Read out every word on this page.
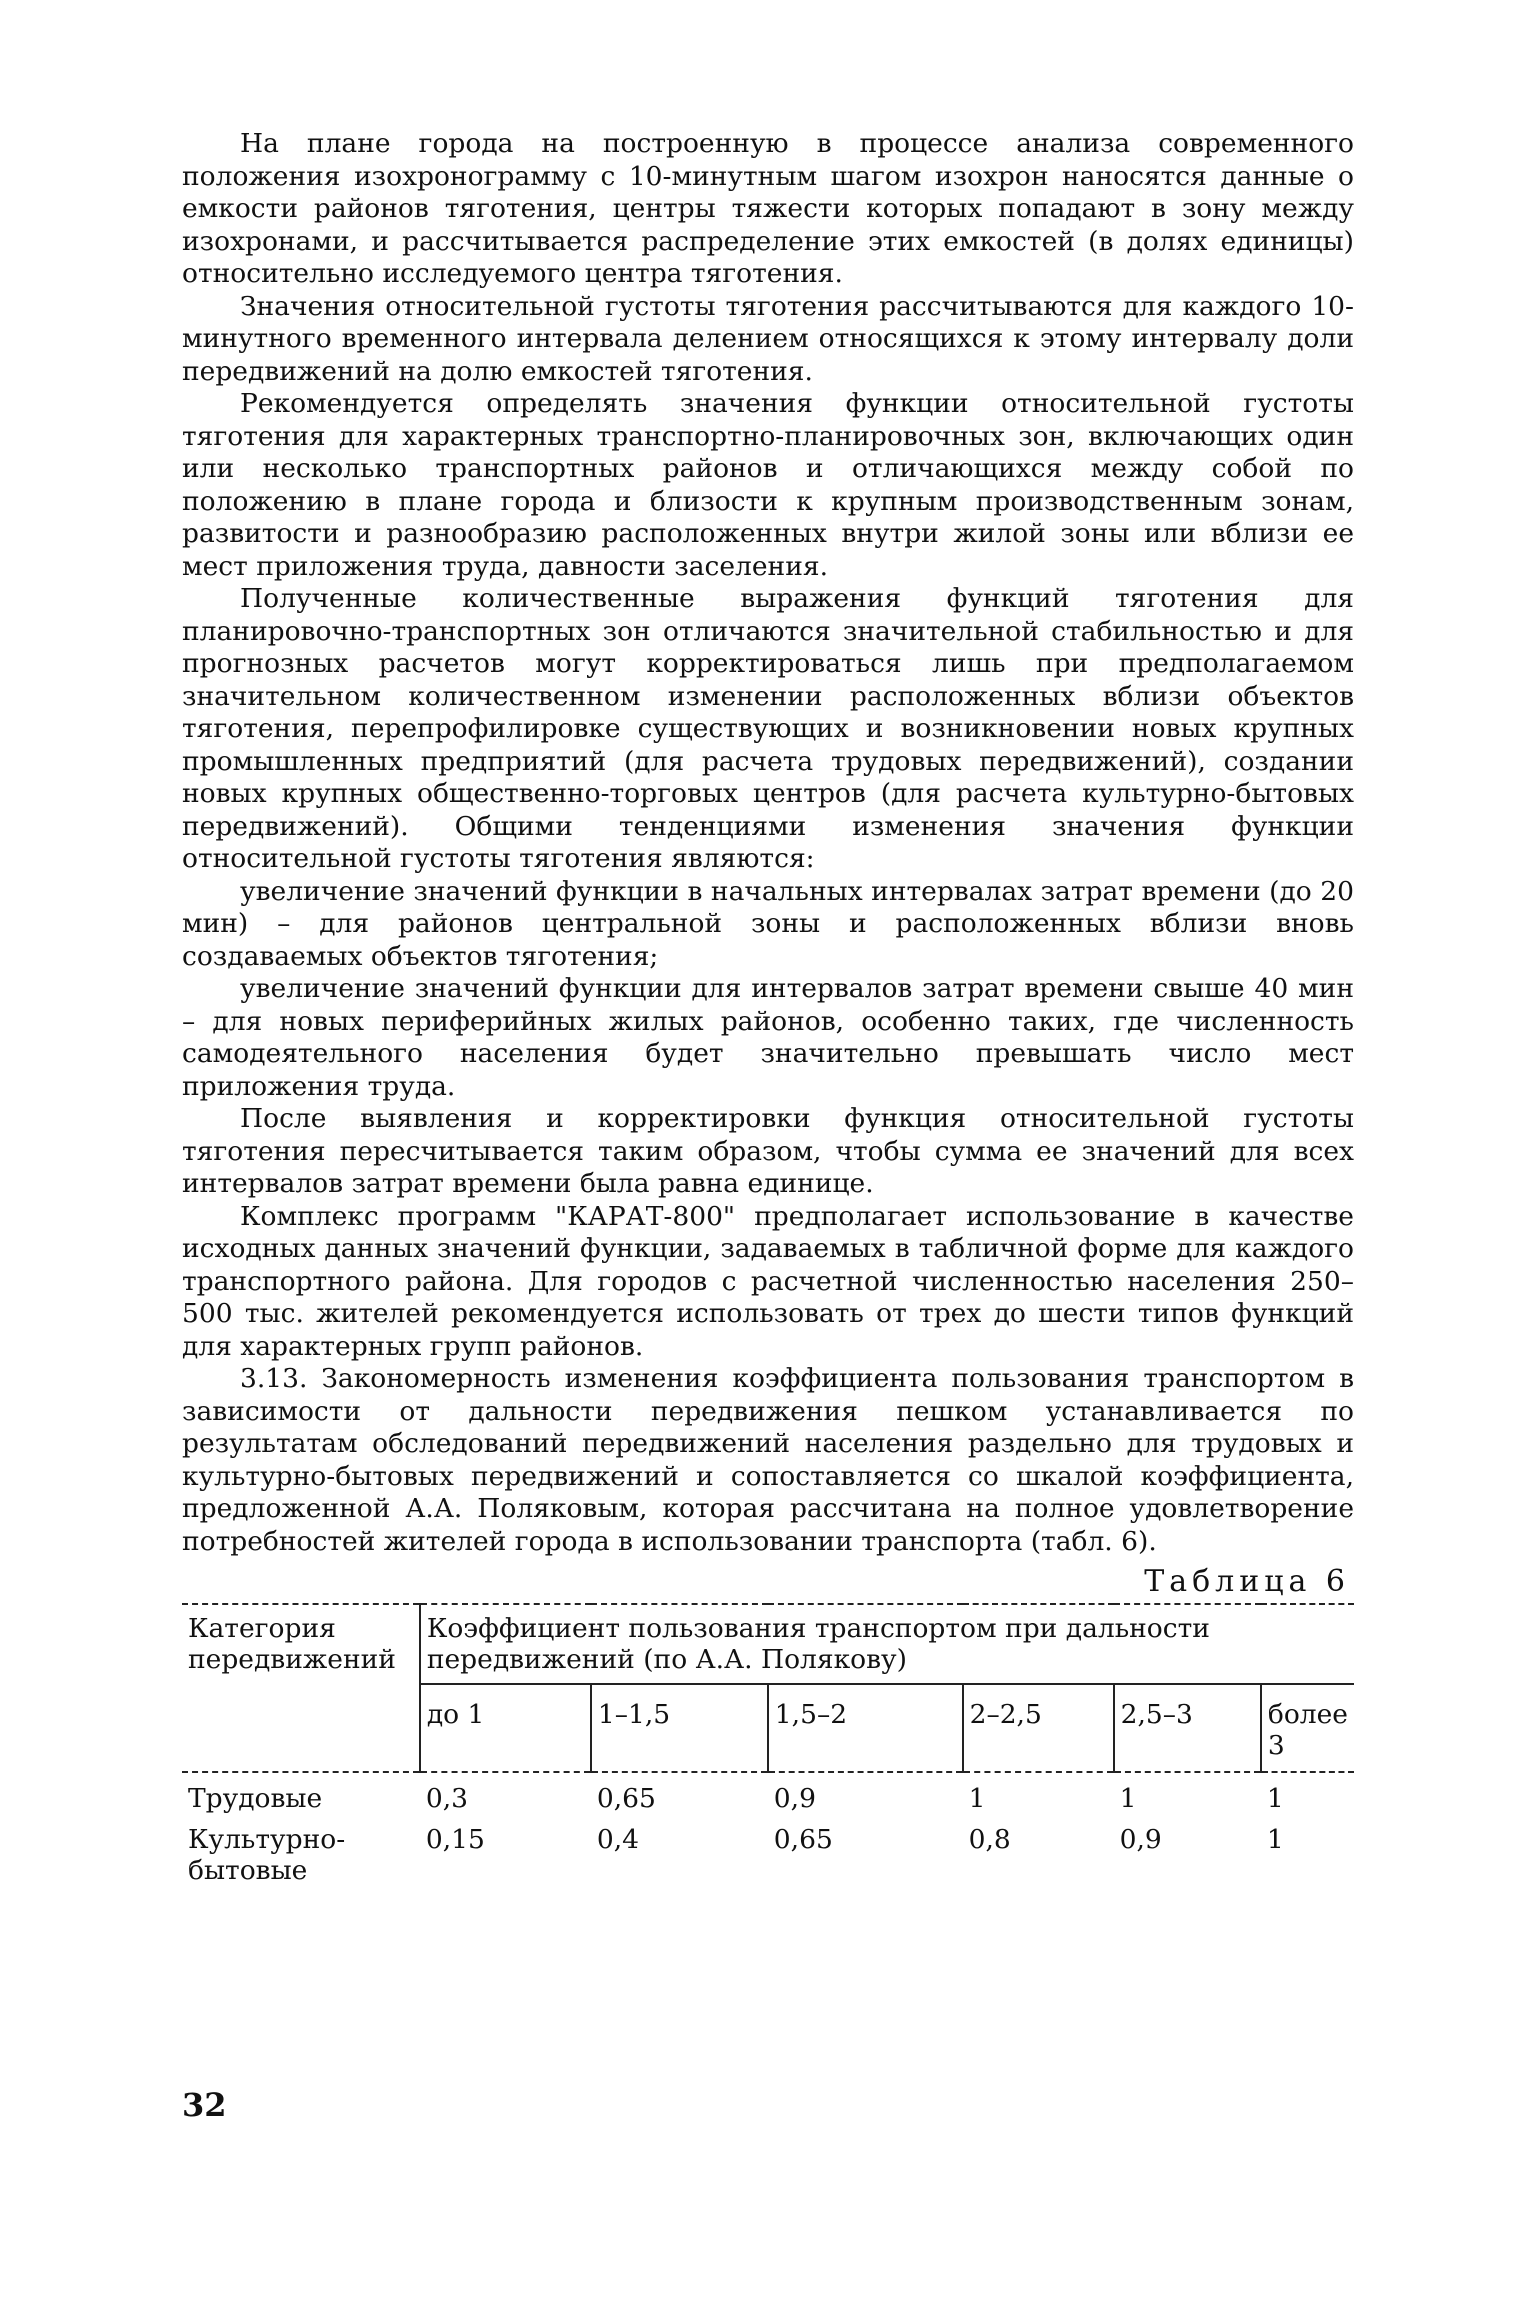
На плане города на построенную в процессе анализа современного положения изохронограмму с 10-минутным шагом изохрон наносятся данные о емкости районов тяготения, центры тяжести которых попадают в зону между изохронами, и рассчитывается распределение этих емкостей (в долях единицы) относительно исследуемого центра тяготения.

Значения относительной густоты тяготения рассчитываются для каждого 10-минутного временного интервала делением относящихся к этому интервалу доли передвижений на долю емкостей тяготения.

Рекомендуется определять значения функции относительной густоты тяготения для характерных транспортно-планировочных зон, включающих один или несколько транспортных районов и отличающихся между собой по положению в плане города и близости к крупным производственным зонам, развитости и разнообразию расположенных внутри жилой зоны или вблизи ее мест приложения труда, давности заселения.

Полученные количественные выражения функций тяготения для планировочно-транспортных зон отличаются значительной стабильностью и для прогнозных расчетов могут корректироваться лишь при предполагаемом значительном количественном изменении расположенных вблизи объектов тяготения, перепрофилировке существующих и возникновении новых крупных промышленных предприятий (для расчета трудовых передвижений), создании новых крупных общественно-торговых центров (для расчета культурно-бытовых передвижений). Общими тенденциями изменения значения функции относительной густоты тяготения являются:

увеличение значений функции в начальных интервалах затрат времени (до 20 мин) – для районов центральной зоны и расположенных вблизи вновь создаваемых объектов тяготения;

увеличение значений функции для интервалов затрат времени свыше 40 мин – для новых периферийных жилых районов, особенно таких, где численность самодеятельного населения будет значительно превышать число мест приложения труда.

После выявления и корректировки функция относительной густоты тяготения пересчитывается таким образом, чтобы сумма ее значений для всех интервалов затрат времени была равна единице.

Комплекс программ "КАРАТ-800" предполагает использование в качестве исходных данных значений функции, задаваемых в табличной форме для каждого транспортного района. Для городов с расчетной численностью населения 250–500 тыс. жителей рекомендуется использовать от трех до шести типов функций для характерных групп районов.

3.13. Закономерность изменения коэффициента пользования транспортом в зависимости от дальности передвижения пешком устанавливается по результатам обследований передвижений населения раздельно для трудовых и культурно-бытовых передвижений и сопоставляется со шкалой коэффициента, предложенной А.А. Поляковым, которая рассчитана на полное удовлетворение потребностей жителей города в использовании транспорта (табл. 6).

Таблица 6
Категория передвижений	Коэффициент пользования транспортом при дальности передвижений (по А.А. Полякову)					
	до 1	1–1,5	1,5–2	2–2,5	2,5–3	более 3
Трудовые	0,3	0,65	0,9	1	1	1
Культурно-бытовые	0,15	0,4	0,65	0,8	0,9	1
32
